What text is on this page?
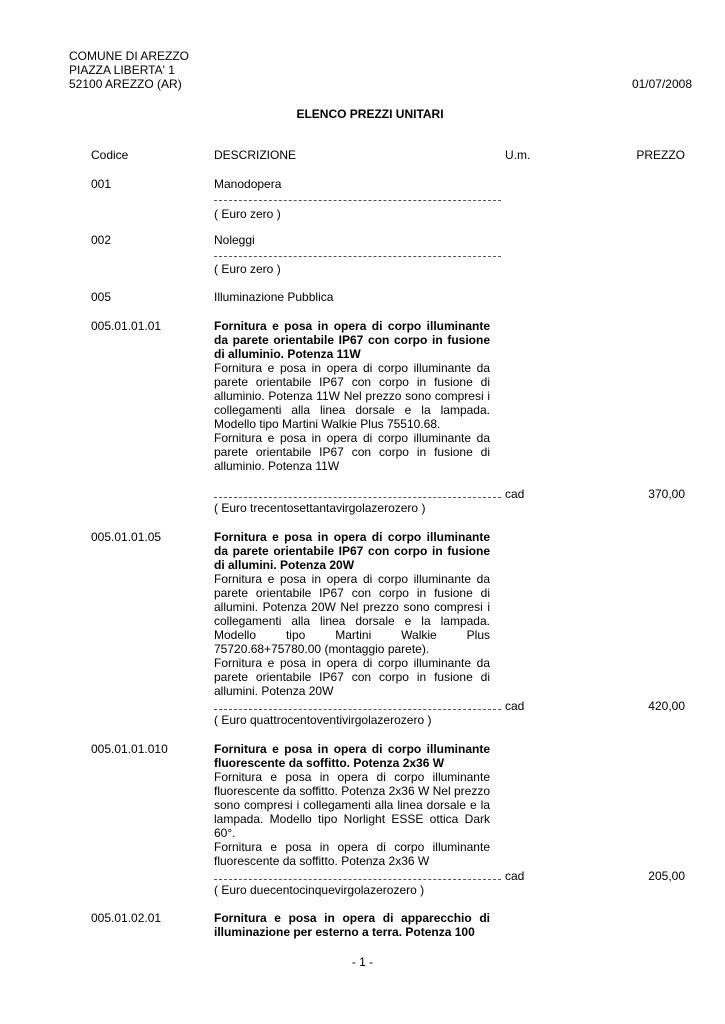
COMUNE DI AREZZO
PIAZZA LIBERTA' 1
52100 AREZZO (AR)	01/07/2008
ELENCO PREZZI UNITARI
Codice	DESCRIZIONE	U.m.	PREZZO
001	Manodopera
( Euro zero )
002	Noleggi
( Euro zero )
005	Illuminazione Pubblica
005.01.01.01	Fornitura e posa in opera di corpo illuminante da parete orientabile IP67 con corpo in fusione di alluminio. Potenza 11W

Fornitura e posa in opera di corpo illuminante da parete orientabile IP67 con corpo in fusione di alluminio. Potenza 11W Nel prezzo sono compresi i collegamenti alla linea dorsale e la lampada. Modello tipo Martini Walkie Plus 75510.68.

Fornitura e posa in opera di corpo illuminante da parete orientabile IP67 con corpo in fusione di alluminio. Potenza 11W

cad	370,00
( Euro trecentosettantavirgolazerozero )
005.01.01.05	Fornitura e posa in opera di corpo illuminante da parete orientabile IP67 con corpo in fusione di allumini. Potenza 20W

Fornitura e posa in opera di corpo illuminante da parete orientabile IP67 con corpo in fusione di allumini. Potenza 20W Nel prezzo sono compresi i collegamenti alla linea dorsale e la lampada. Modello tipo Martini Walkie Plus 75720.68+75780.00 (montaggio parete).

Fornitura e posa in opera di corpo illuminante da parete orientabile IP67 con corpo in fusione di allumini. Potenza 20W

cad	420,00
( Euro quattrocentoventivirgolazerozero )
005.01.01.010	Fornitura e posa in opera di corpo illuminante fluorescente da soffitto. Potenza 2x36 W

Fornitura e posa in opera di corpo illuminante fluorescente da soffitto. Potenza 2x36 W Nel prezzo sono compresi i collegamenti alla linea dorsale e la lampada. Modello tipo Norlight ESSE ottica Dark 60°.

Fornitura e posa in opera di corpo illuminante fluorescente da soffitto. Potenza 2x36 W

cad	205,00
( Euro duecentocinquevirgolazerozero )
005.01.02.01	Fornitura e posa in opera di apparecchio di illuminazione per esterno a terra. Potenza 100

- 1 -
